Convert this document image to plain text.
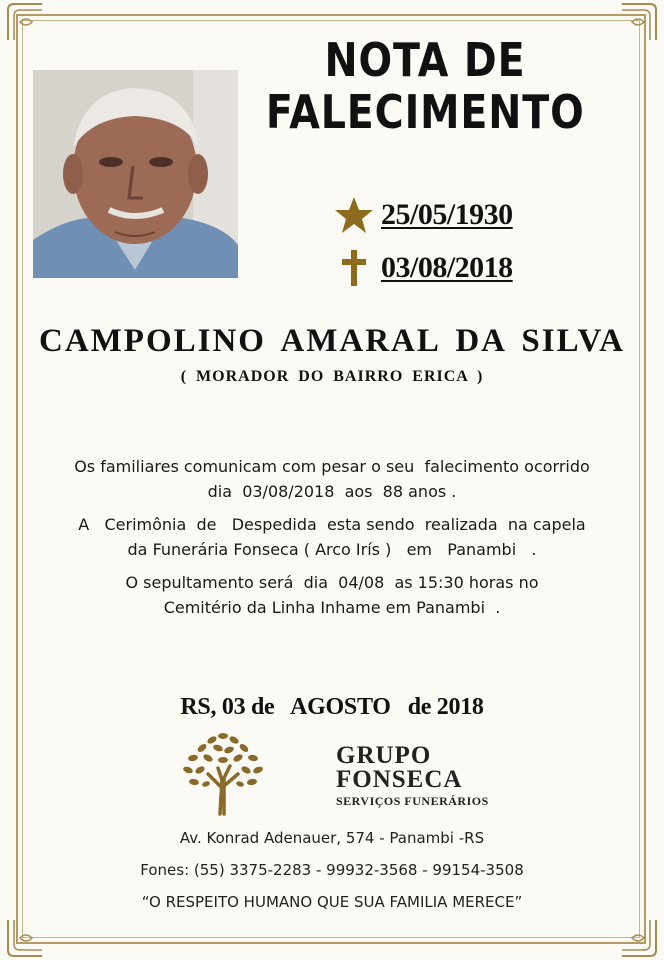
NOTA DE
FALECIMENTO
25/05/1930
03/08/2018
CAMPOLINO AMARAL DA SILVA
( MORADOR DO BAIRRO ERICA )
Os familiares comunicam com pesar o seu  falecimento ocorrido
dia  03/08/2018  aos  88 anos .
A   Cerimônia  de   Despedida  esta sendo  realizada  na capela
da Funerária Fonseca ( Arco Irís )   em   Panambi   .
O sepultamento será  dia  04/08  as 15:30 horas no
Cemitério da Linha Inhame em Panambi  .
RS, 03 de   AGOSTO   de 2018
GRUPO
FONSECA
SERVIÇOS FUNERÁRIOS
Av. Konrad Adenauer, 574 - Panambi -RS
Fones: (55) 3375-2283 - 99932-3568 - 99154-3508
“O RESPEITO HUMANO QUE SUA FAMILIA MERECE”
